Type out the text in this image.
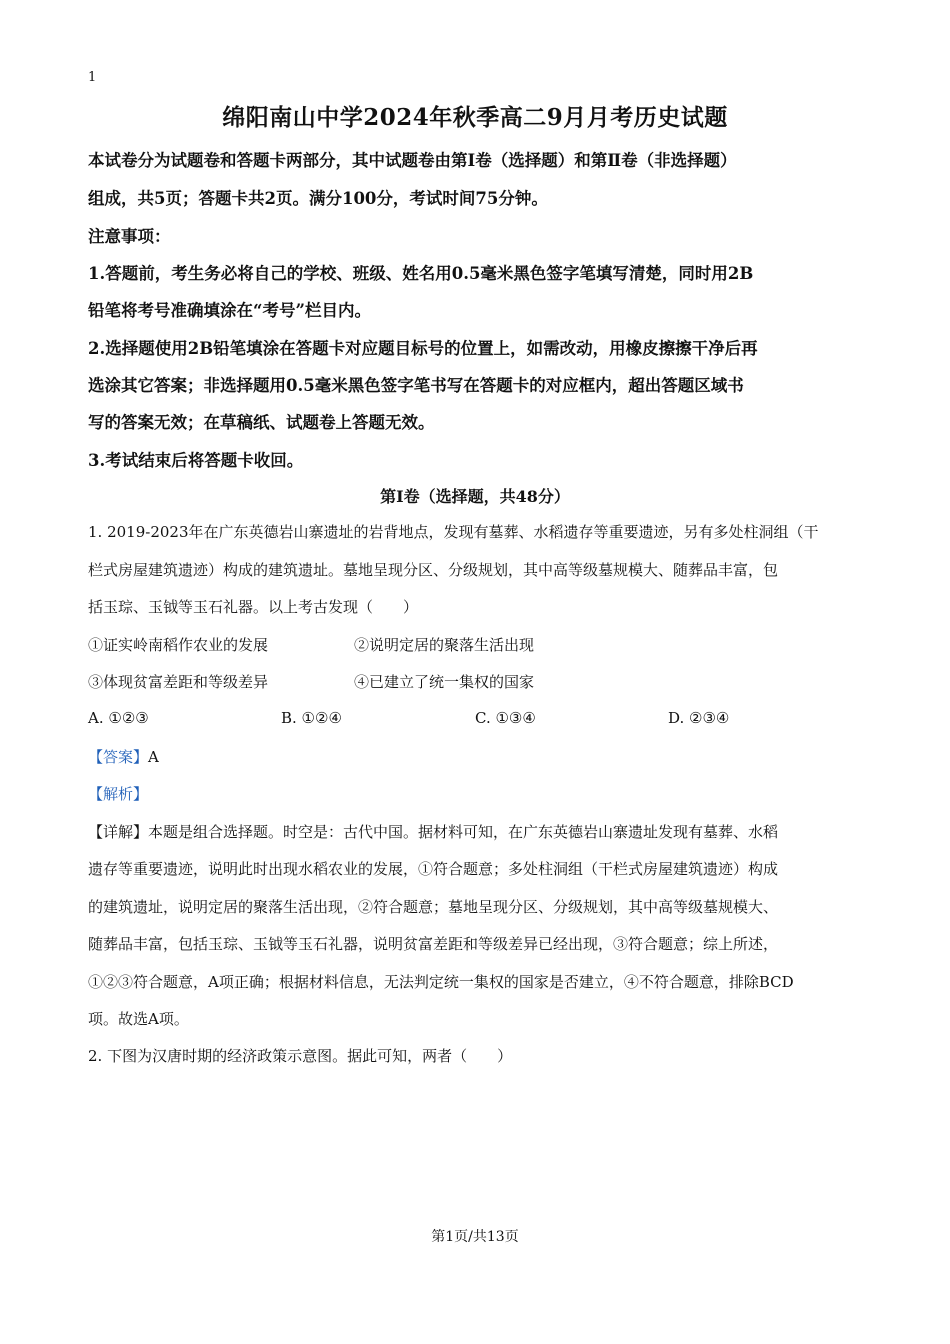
1
绵阳南山中学2024年秋季高二9月月考历史试题
本试卷分为试题卷和答题卡两部分，其中试题卷由第Ⅰ卷（选择题）和第Ⅱ卷（非选择题）
组成，共5页；答题卡共2页。满分100分，考试时间75分钟。
注意事项：
1.答题前，考生务必将自己的学校、班级、姓名用0.5毫米黑色签字笔填写清楚，同时用2B
铅笔将考号准确填涂在“考号”栏目内。
2.选择题使用2B铅笔填涂在答题卡对应题目标号的位置上，如需改动，用橡皮擦擦干净后再
选涂其它答案；非选择题用0.5毫米黑色签字笔书写在答题卡的对应框内，超出答题区域书
写的答案无效；在草稿纸、试题卷上答题无效。
3.考试结束后将答题卡收回。
第Ⅰ卷（选择题，共48分）
1. 2019-2023年在广东英德岩山寨遗址的岩背地点，发现有墓葬、水稻遗存等重要遗迹，另有多处柱洞组（干
栏式房屋建筑遗迹）构成的建筑遗址。墓地呈现分区、分级规划，其中高等级墓规模大、随葬品丰富，包
括玉琮、玉钺等玉石礼器。以上考古发现（　　）
①证实岭南稻作农业的发展	②说明定居的聚落生活出现
③体现贫富差距和等级差异	④已建立了统一集权的国家
A. ①②③	B. ①②④	C. ①③④	D. ②③④
【答案】A
【解析】
【详解】本题是组合选择题。时空是：古代中国。据材料可知，在广东英德岩山寨遗址发现有墓葬、水稻
遗存等重要遗迹，说明此时出现水稻农业的发展，①符合题意；多处柱洞组（干栏式房屋建筑遗迹）构成
的建筑遗址，说明定居的聚落生活出现，②符合题意；墓地呈现分区、分级规划，其中高等级墓规模大、
随葬品丰富，包括玉琮、玉钺等玉石礼器，说明贫富差距和等级差异已经出现，③符合题意；综上所述，
①②③符合题意，A项正确；根据材料信息，无法判定统一集权的国家是否建立，④不符合题意，排除BCD
项。故选A项。
2. 下图为汉唐时期的经济政策示意图。据此可知，两者（　　）
第1页/共13页
